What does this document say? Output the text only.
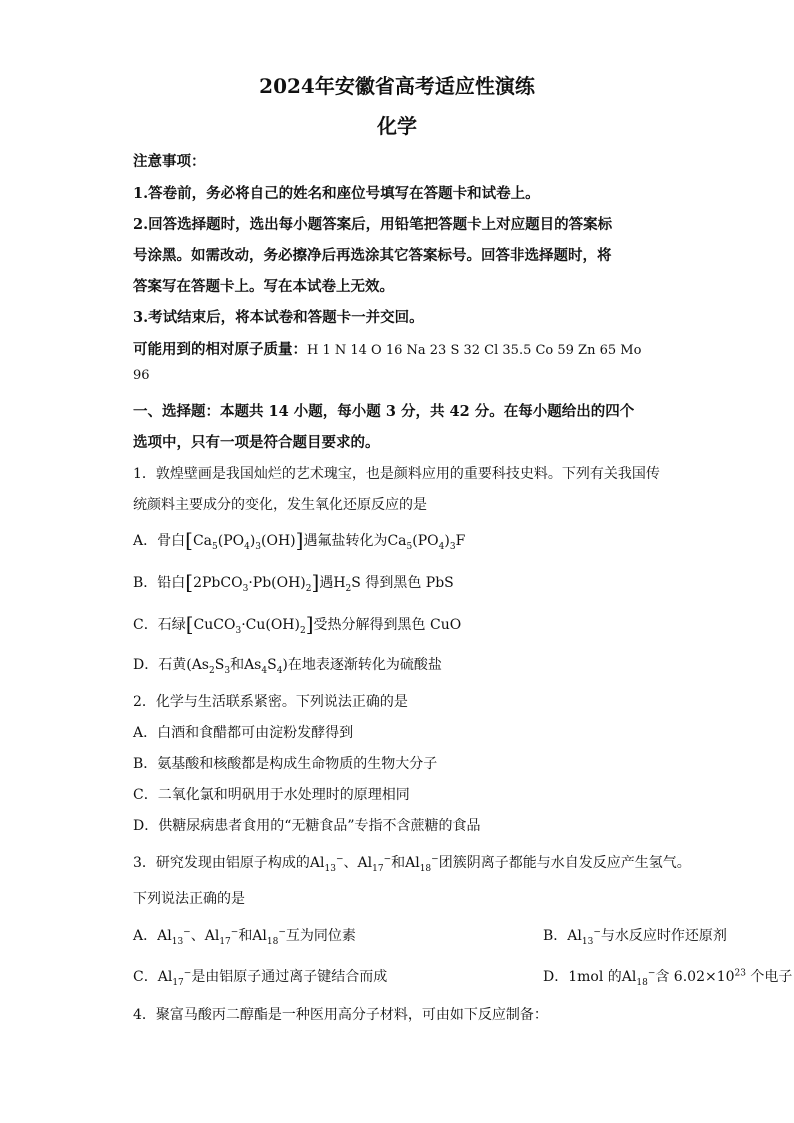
2024年安徽省高考适应性演练
化学
注意事项：
1.答卷前，务必将自己的姓名和座位号填写在答题卡和试卷上。
2.回答选择题时，选出每小题答案后，用铅笔把答题卡上对应题目的答案标
号涂黑。如需改动，务必擦净后再选涂其它答案标号。回答非选择题时，将
答案写在答题卡上。写在本试卷上无效。
3.考试结束后，将本试卷和答题卡一并交回。
可能用到的相对原子质量：H 1 N 14 O 16 Na 23 S 32 Cl 35.5 Co 59 Zn 65 Mo
96
一、选择题：本题共 14 小题，每小题 3 分，共 42 分。在每小题给出的四个
选项中，只有一项是符合题目要求的。
1．敦煌壁画是我国灿烂的艺术瑰宝，也是颜料应用的重要科技史料。下列有关我国传
统颜料主要成分的变化，发生氧化还原反应的是
A．骨白$[Ca_5(PO_4)_3(OH)]$遇氟盐转化为$Ca_5(PO_4)_3F$
B．铅白$[2PbCO_3\cdot Pb(OH)_2]$遇$H_2S$ 得到黑色 PbS
C．石绿$[CuCO_3\cdot Cu(OH)_2]$受热分解得到黑色 CuO
D．石黄($As_2S_3$和$As_4S_4$)在地表逐渐转化为硫酸盐
2．化学与生活联系紧密。下列说法正确的是
A．白酒和食醋都可由淀粉发酵得到
B．氨基酸和核酸都是构成生命物质的生物大分子
C．二氧化氯和明矾用于水处理时的原理相同
D．供糖尿病患者食用的“无糖食品”专指不含蔗糖的食品
3．研究发现由铝原子构成的$Al_{13}^-$、$Al_{17}^-$和$Al_{18}^-$团簇阴离子都能与水自发反应产生氢气。
下列说法正确的是
A．$Al_{13}^-$、$Al_{17}^-$和$Al_{18}^-$互为同位素	B．$Al_{13}^-$与水反应时作还原剂
C．$Al_{17}^-$是由铝原子通过离子键结合而成	D．1mol 的$Al_{18}^-$含 $6.02\times 10^{23}$ 个电子
4．聚富马酸丙二醇酯是一种医用高分子材料，可由如下反应制备：
